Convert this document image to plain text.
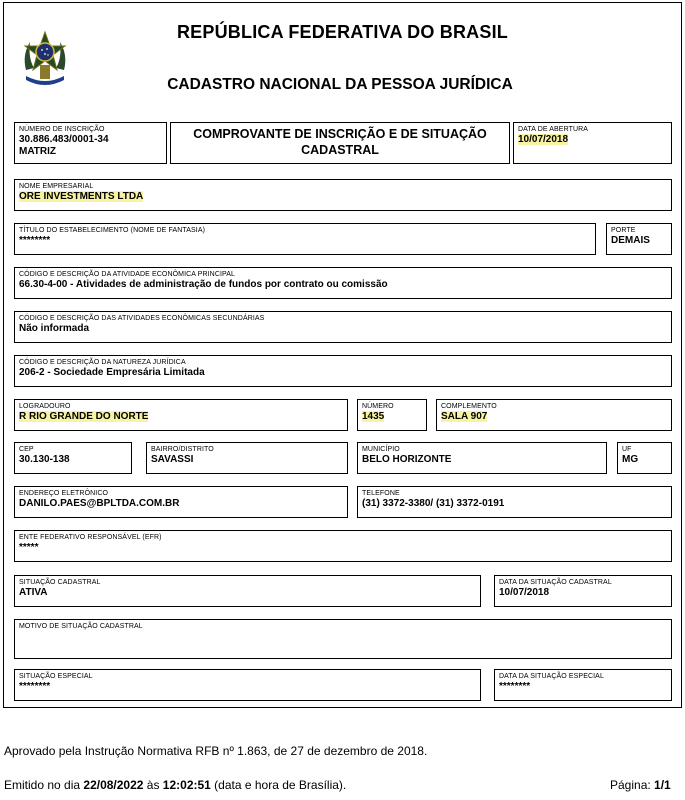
REPÚBLICA FEDERATIVA DO BRASIL
CADASTRO NACIONAL DA PESSOA JURÍDICA
NÚMERO DE INSCRIÇÃO
30.886.483/0001-34
MATRIZ
COMPROVANTE DE INSCRIÇÃO E DE SITUAÇÃO
CADASTRAL
DATA DE ABERTURA
10/07/2018
NOME EMPRESARIAL
ORE INVESTMENTS LTDA
TÍTULO DO ESTABELECIMENTO (NOME DE FANTASIA)
********
PORTE
DEMAIS
CÓDIGO E DESCRIÇÃO DA ATIVIDADE ECONÔMICA PRINCIPAL
66.30-4-00 - Atividades de administração de fundos por contrato ou comissão
CÓDIGO E DESCRIÇÃO DAS ATIVIDADES ECONÔMICAS SECUNDÁRIAS
Não informada
CÓDIGO E DESCRIÇÃO DA NATUREZA JURÍDICA
206-2 - Sociedade Empresária Limitada
LOGRADOURO
R RIO GRANDE DO NORTE
NÚMERO
1435
COMPLEMENTO
SALA 907
CEP
30.130-138
BAIRRO/DISTRITO
SAVASSI
MUNICÍPIO
BELO HORIZONTE
UF
MG
ENDEREÇO ELETRÔNICO
DANILO.PAES@BPLTDA.COM.BR
TELEFONE
(31) 3372-3380/ (31) 3372-0191
ENTE FEDERATIVO RESPONSÁVEL (EFR)
*****
SITUAÇÃO CADASTRAL
ATIVA
DATA DA SITUAÇÃO CADASTRAL
10/07/2018
MOTIVO DE SITUAÇÃO CADASTRAL
SITUAÇÃO ESPECIAL
********
DATA DA SITUAÇÃO ESPECIAL
********
Aprovado pela Instrução Normativa RFB nº 1.863, de 27 de dezembro de 2018.
Emitido no dia 22/08/2022 às 12:02:51 (data e hora de Brasília).	Página: 1/1
